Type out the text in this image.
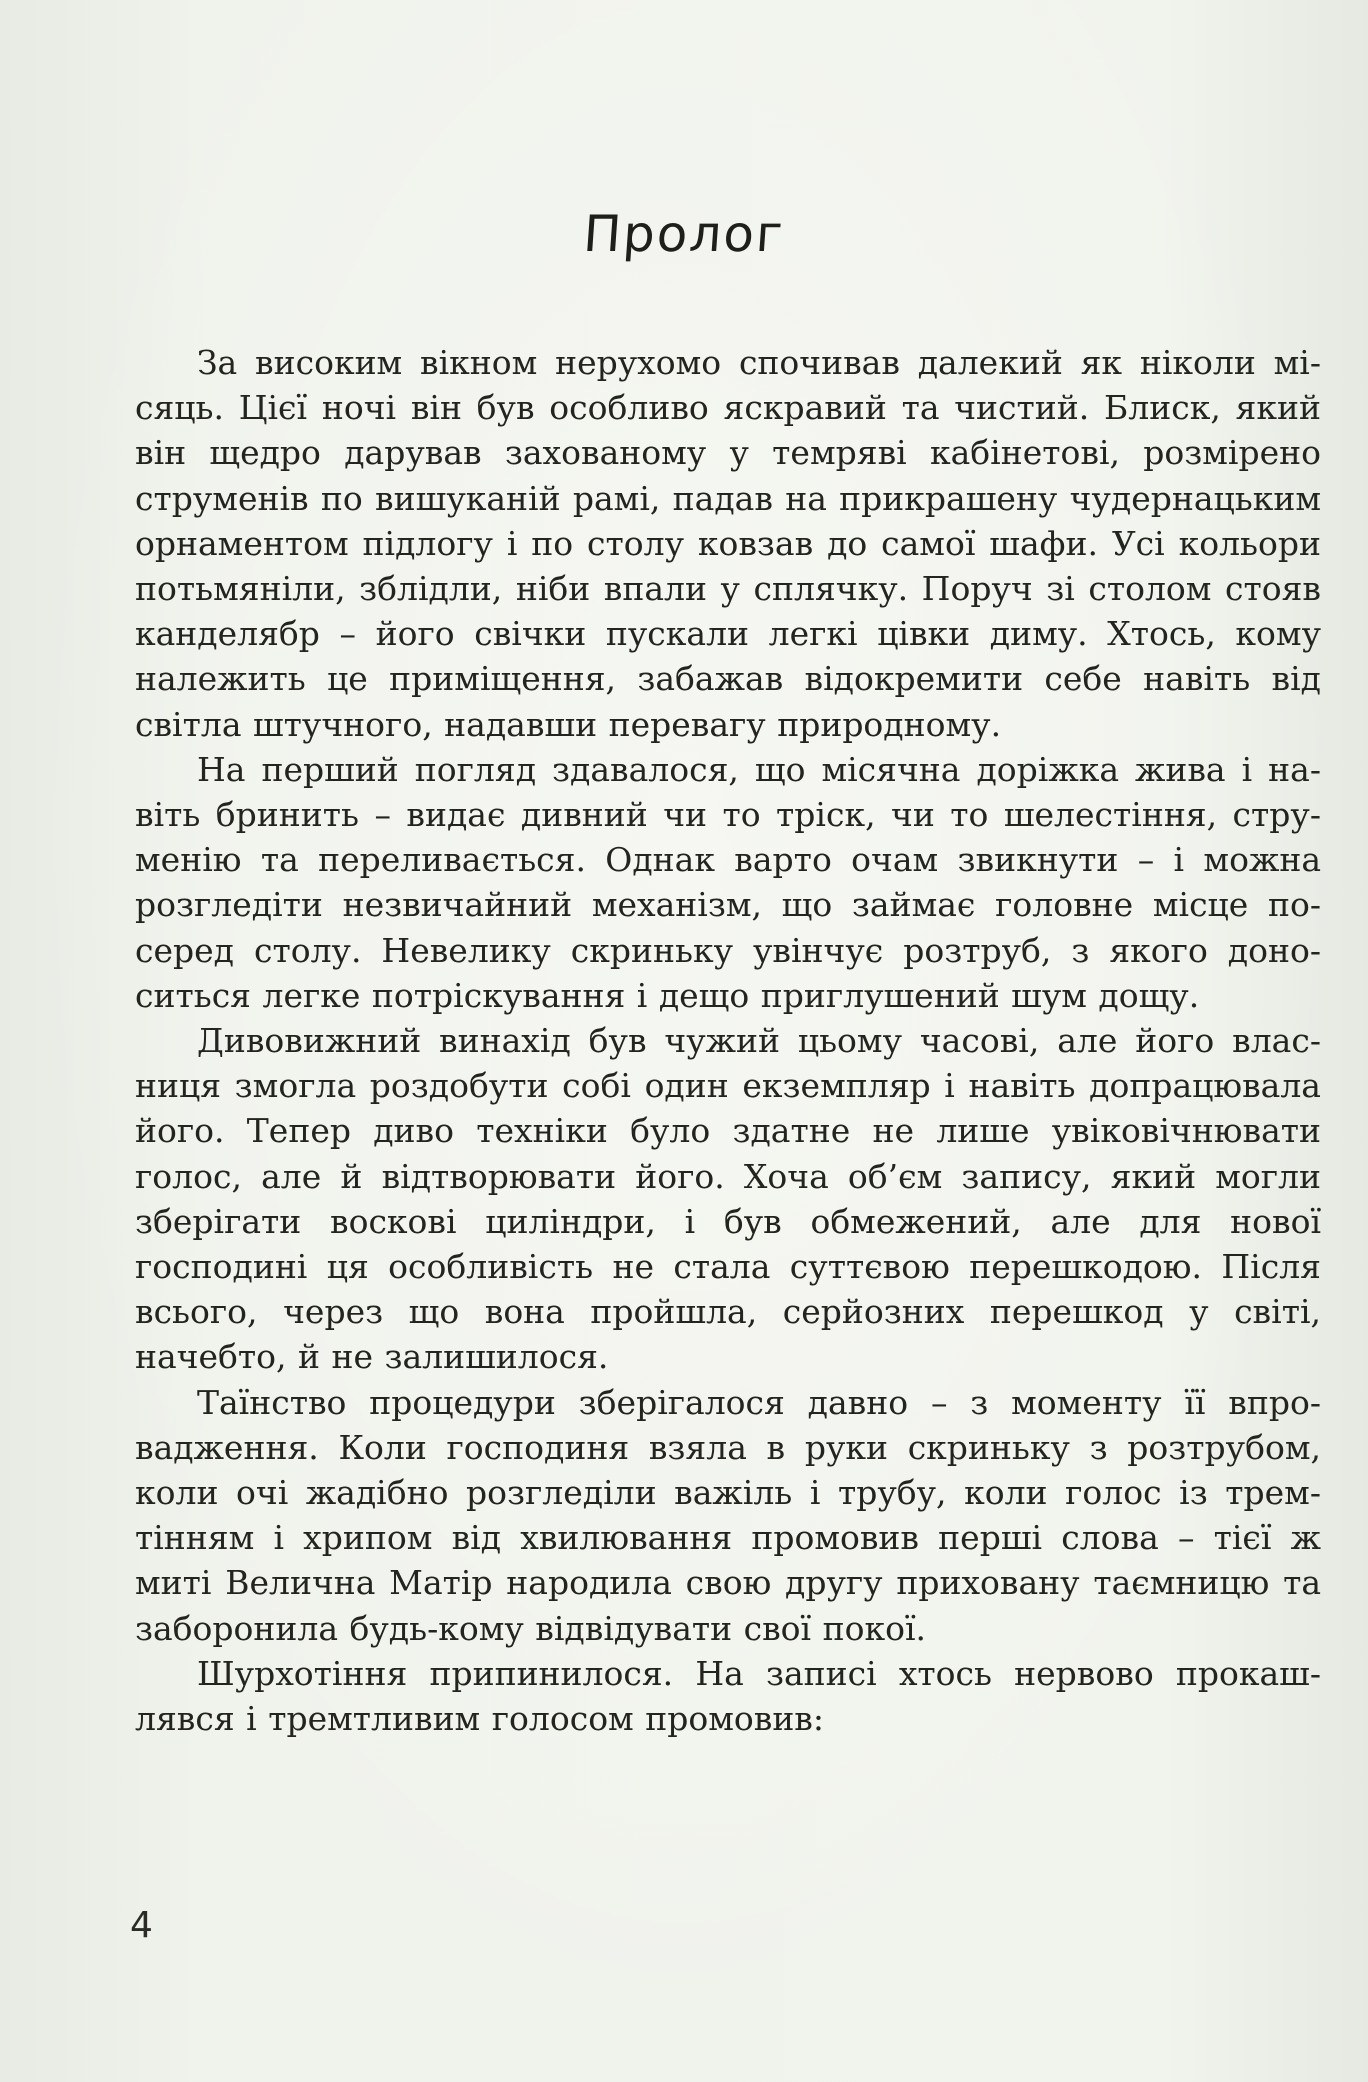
Пролог

За високим вікном нерухомо спочивав далекий як ніколи місяць. Цієї ночі він був особливо яскравий та чистий. Блиск, який він щедро дарував захованому у темряві кабінетові, розмірено струменів по вишуканій рамі, падав на прикрашену чудернацьким орнаментом підлогу і по столу ковзав до самої шафи. Усі кольори потьмяніли, зблідли, ніби впали у сплячку. Поруч зі столом стояв канделябр – його свічки пускали легкі цівки диму. Хтось, кому належить це приміщення, забажав відокремити себе навіть від світла штучного, надавши перевагу природному.

На перший погляд здавалося, що місячна доріжка жива і навіть бринить – видає дивний чи то тріск, чи то шелестіння, струменію та переливається. Однак варто очам звикнути – і можна розгледіти незвичайний механізм, що займає головне місце посеред столу. Невелику скриньку увінчує розтруб, з якого доноситься легке потріскування і дещо приглушений шум дощу.

Дивовижний винахід був чужий цьому часові, але його власниця змогла роздобути собі один екземпляр і навіть допрацювала його. Тепер диво техніки було здатне не лише увіковічнювати голос, але й відтворювати його. Хоча об’єм запису, який могли зберігати воскові циліндри, і був обмежений, але для нової господині ця особливість не стала суттєвою перешкодою. Після всього, через що вона пройшла, серйозних перешкод у світі, начебто, й не залишилося.

Таїнство процедури зберігалося давно – з моменту її впровадження. Коли господиня взяла в руки скриньку з розтрубом, коли очі жадібно розгледіли важіль і трубу, коли голос із тремтінням і хрипом від хвилювання промовив перші слова – тієї ж миті Велична Матір народила свою другу приховану таємницю та заборонила будь-кому відвідувати свої покої.

Шурхотіння припинилося. На записі хтось нервово прокашлявся і тремтливим голосом промовив:

4
